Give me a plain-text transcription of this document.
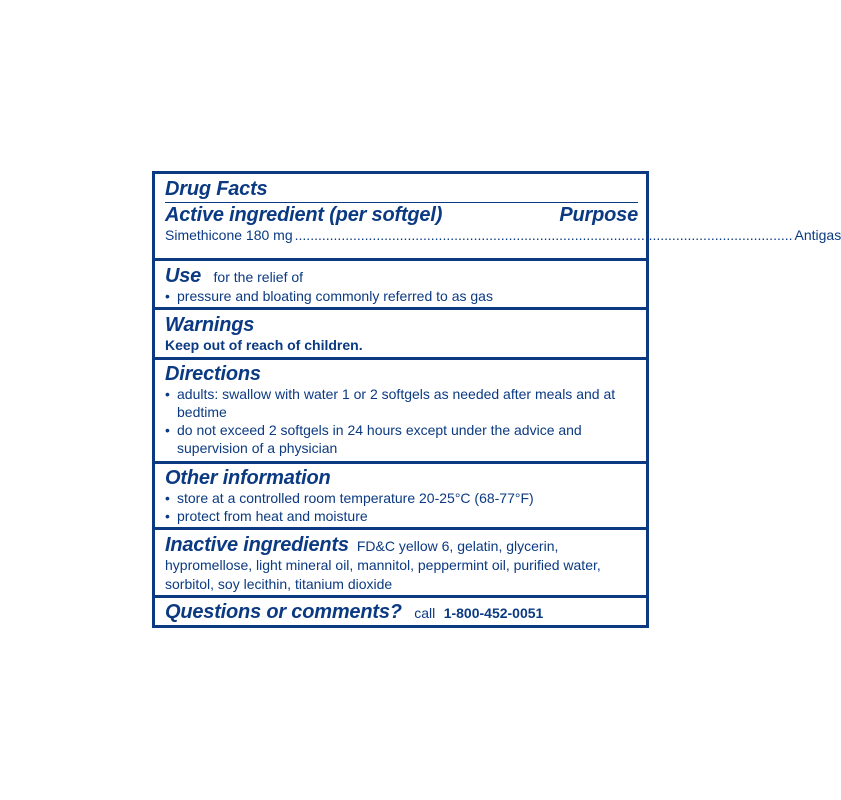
Drug Facts
Active ingredient (per softgel)	Purpose
Simethicone 180 mg ................................................................................................................................ Antigas
Use for the relief of
• pressure and bloating commonly referred to as gas
Warnings
Keep out of reach of children.
Directions
• adults: swallow with water 1 or 2 softgels as needed after meals and at bedtime
• do not exceed 2 softgels in 24 hours except under the advice and supervision of a physician
Other information
• store at a controlled room temperature 20-25°C (68-77°F)
• protect from heat and moisture
Inactive ingredients FD&C yellow 6, gelatin, glycerin, hypromellose, light mineral oil, mannitol, peppermint oil, purified water, sorbitol, soy lecithin, titanium dioxide
Questions or comments? call 1-800-452-0051
